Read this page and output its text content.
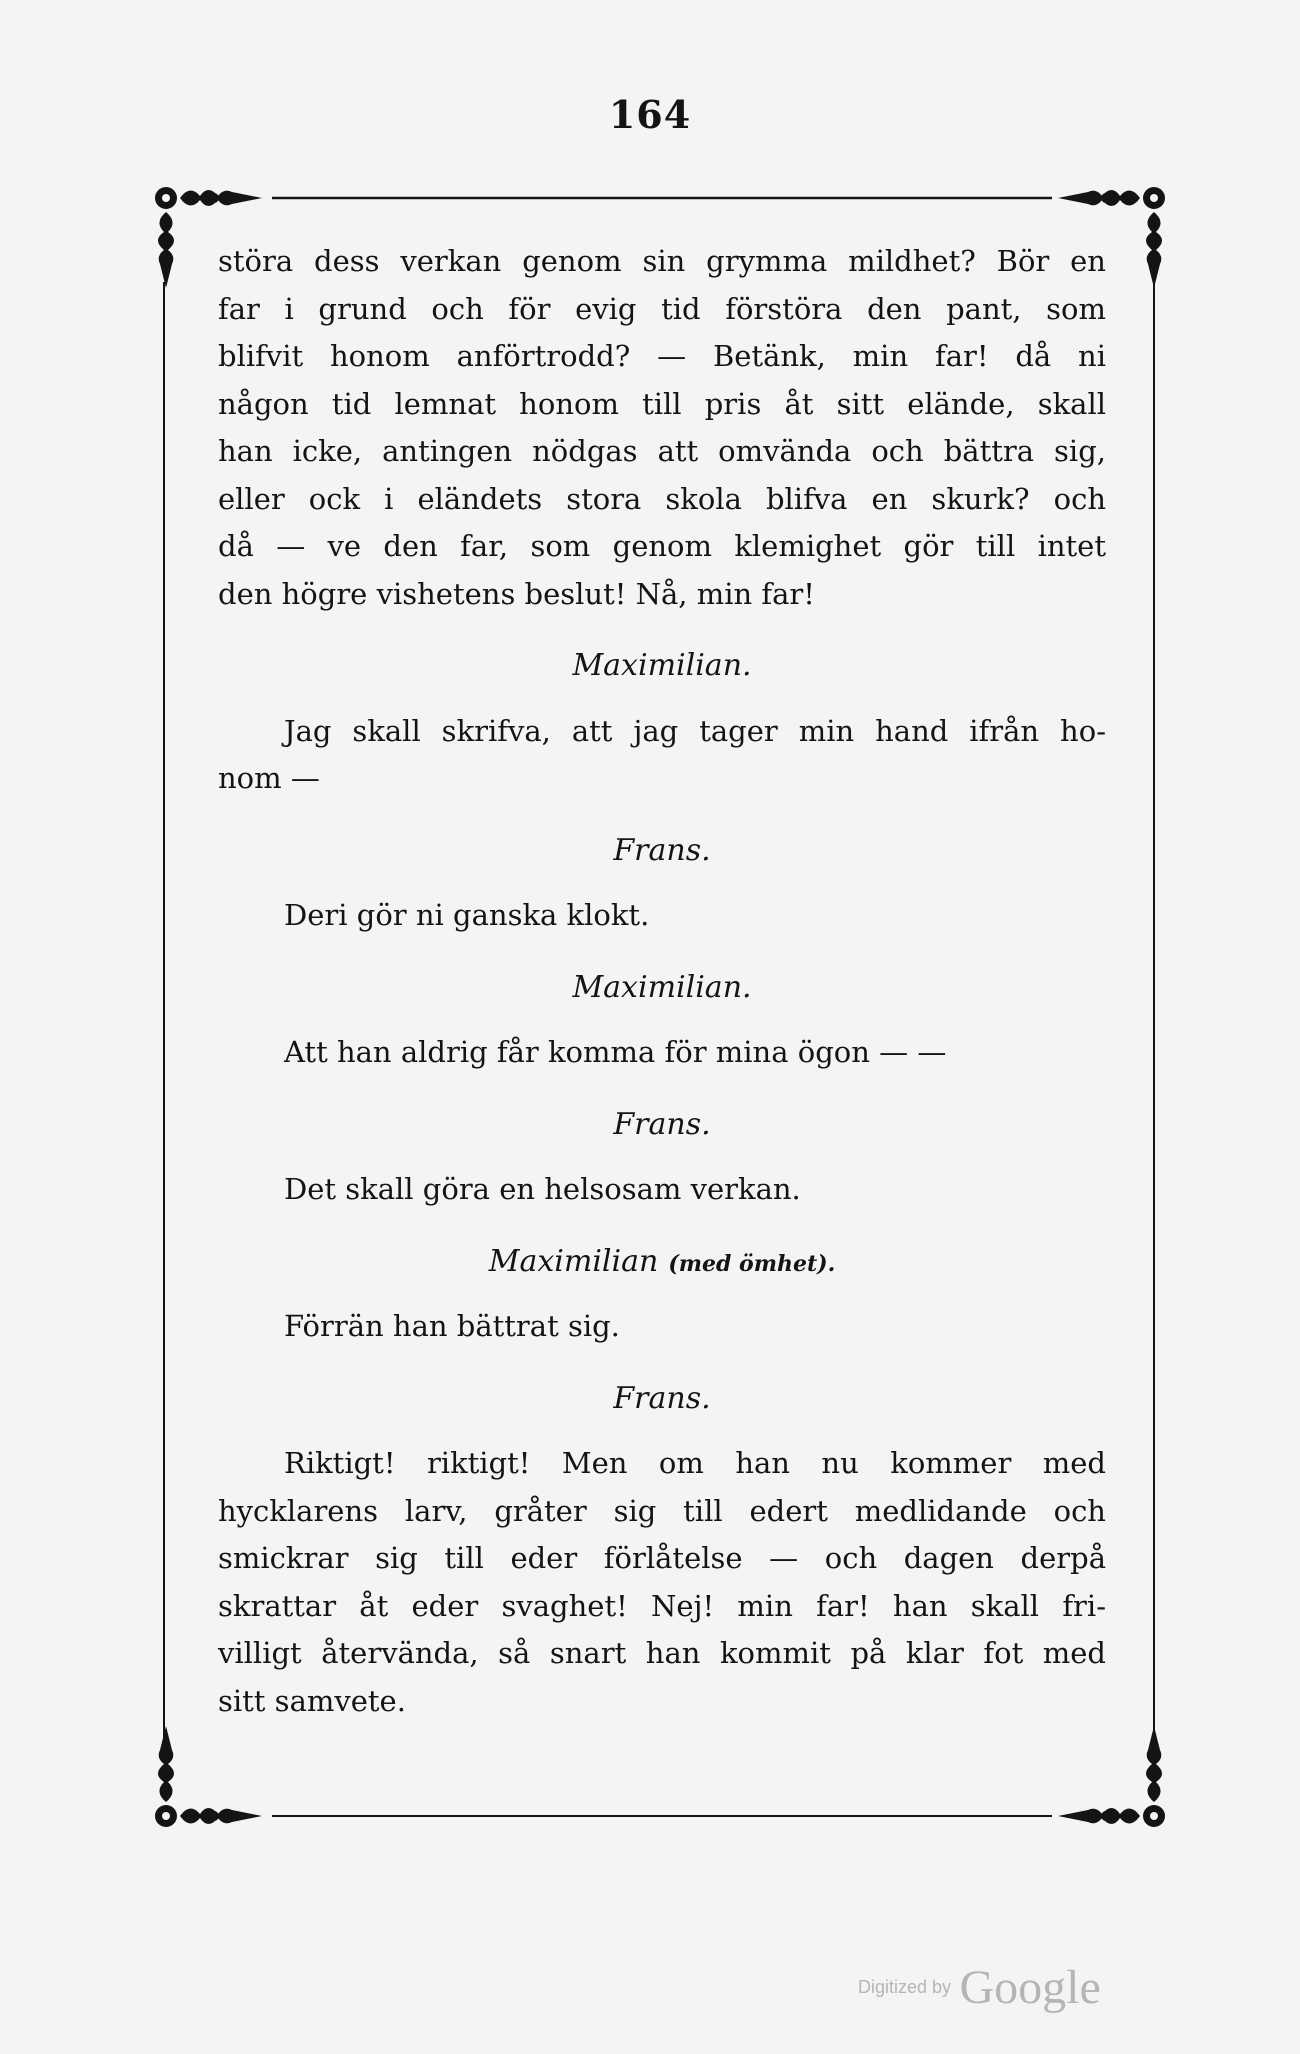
164
störa dess verkan genom sin grymma mildhet? Bör en
far i grund och för evig tid förstöra den pant, som
blifvit honom anförtrodd? — Betänk, min far! då ni
någon tid lemnat honom till pris åt sitt elände, skall
han icke, antingen nödgas att omvända och bättra sig,
eller ock i eländets stora skola blifva en skurk? och
då — ve den far, som genom klemighet gör till intet
den högre vishetens beslut! Nå, min far!
Maximilian.
Jag skall skrifva, att jag tager min hand ifrån ho-
nom —
Frans.
Deri gör ni ganska klokt.
Maximilian.
Att han aldrig får komma för mina ögon — —
Frans.
Det skall göra en helsosam verkan.
Maximilian (med ömhet).
Förrän han bättrat sig.
Frans.
Riktigt! riktigt! Men om han nu kommer med
hycklarens larv, gråter sig till edert medlidande och
smickrar sig till eder förlåtelse — och dagen derpå
skrattar åt eder svaghet! Nej! min far! han skall fri-
villigt återvända, så snart han kommit på klar fot med
sitt samvete.
Digitized by Google
